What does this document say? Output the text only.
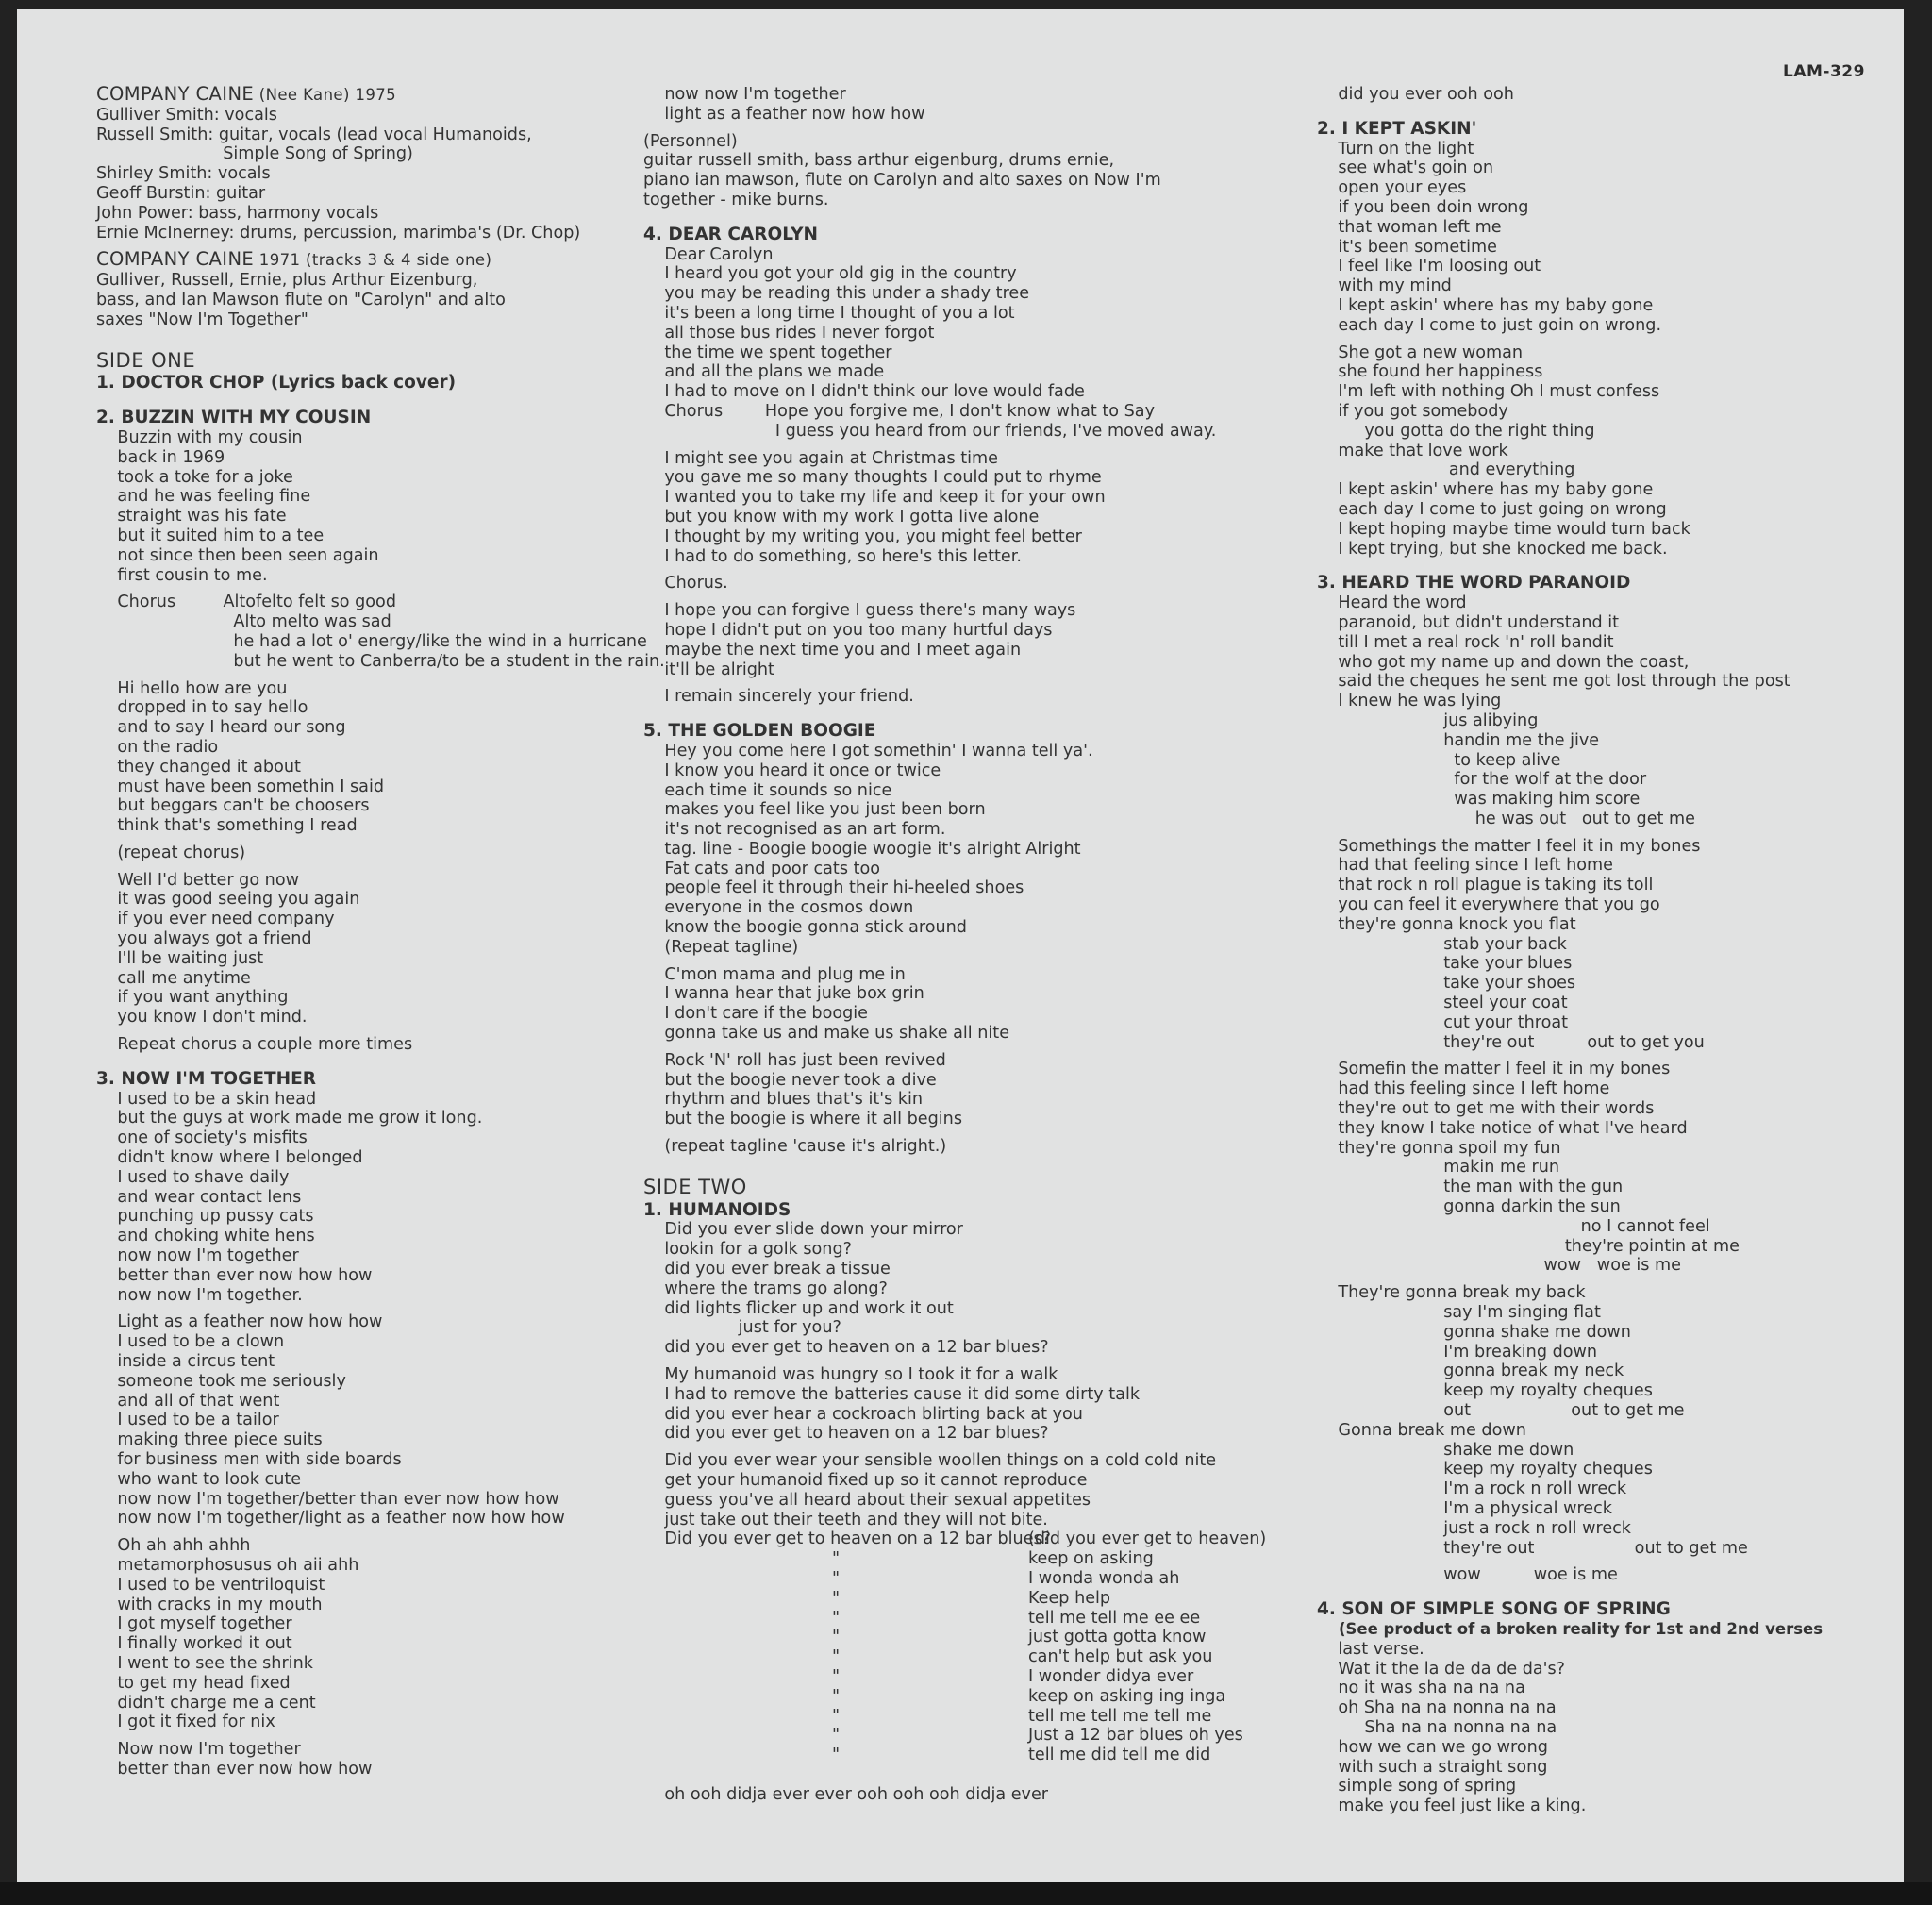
LAM-329
COMPANY CAINE (Nee Kane) 1975
Gulliver Smith: vocals
Russell Smith: guitar, vocals (lead vocal Humanoids,
Simple Song of Spring)
Shirley Smith: vocals
Geoff Burstin: guitar
John Power: bass, harmony vocals
Ernie McInerney: drums, percussion, marimba's (Dr. Chop)
COMPANY CAINE 1971 (tracks 3 & 4 side one)
Gulliver, Russell, Ernie, plus Arthur Eizenburg,
bass, and Ian Mawson flute on "Carolyn" and alto
saxes "Now I'm Together"
SIDE ONE
1. DOCTOR CHOP (Lyrics back cover)
2. BUZZIN WITH MY COUSIN
Buzzin with my cousin
back in 1969
took a toke for a joke
and he was feeling fine
straight was his fate
but it suited him to a tee
not since then been seen again
first cousin to me.
Chorus         Altofelto felt so good
Alto melto was sad
he had a lot o' energy/like the wind in a hurricane
but he went to Canberra/to be a student in the rain.
Hi hello how are you
dropped in to say hello
and to say I heard our song
on the radio
they changed it about
must have been somethin I said
but beggars can't be choosers
think that's something I read
(repeat chorus)
Well I'd better go now
it was good seeing you again
if you ever need company
you always got a friend
I'll be waiting just
call me anytime
if you want anything
you know I don't mind.
Repeat chorus a couple more times
3. NOW I'M TOGETHER
I used to be a skin head
but the guys at work made me grow it long.
one of society's misfits
didn't know where I belonged
I used to shave daily
and wear contact lens
punching up pussy cats
and choking white hens
now now I'm together
better than ever now how how
now now I'm together.
Light as a feather now how how
I used to be a clown
inside a circus tent
someone took me seriously
and all of that went
I used to be a tailor
making three piece suits
for business men with side boards
who want to look cute
now now I'm together/better than ever now how how
now now I'm together/light as a feather now how how
Oh ah ahh ahhh
metamorphosusus oh aii ahh
I used to be ventriloquist
with cracks in my mouth
I got myself together
I finally worked it out
I went to see the shrink
to get my head fixed
didn't charge me a cent
I got it fixed for nix
Now now I'm together
better than ever now how how
now now I'm together
light as a feather now how how
(Personnel)
guitar russell smith, bass arthur eigenburg, drums ernie,
piano ian mawson, flute on Carolyn and alto saxes on Now I'm
together - mike burns.
4. DEAR CAROLYN
Dear Carolyn
I heard you got your old gig in the country
you may be reading this under a shady tree
it's been a long time I thought of you a lot
all those bus rides I never forgot
the time we spent together
and all the plans we made
I had to move on I didn't think our love would fade
Chorus        Hope you forgive me, I don't know what to Say
I guess you heard from our friends, I've moved away.
I might see you again at Christmas time
you gave me so many thoughts I could put to rhyme
I wanted you to take my life and keep it for your own
but you know with my work I gotta live alone
I thought by my writing you, you might feel better
I had to do something, so here's this letter.
Chorus.
I hope you can forgive I guess there's many ways
hope I didn't put on you too many hurtful days
maybe the next time you and I meet again
it'll be alright
I remain sincerely your friend.
5. THE GOLDEN BOOGIE
Hey you come here I got somethin' I wanna tell ya'.
I know you heard it once or twice
each time it sounds so nice
makes you feel like you just been born
it's not recognised as an art form.
tag. line - Boogie boogie woogie it's alright Alright
Fat cats and poor cats too
people feel it through their hi-heeled shoes
everyone in the cosmos down
know the boogie gonna stick around
(Repeat tagline)
C'mon mama and plug me in
I wanna hear that juke box grin
I don't care if the boogie
gonna take us and make us shake all nite
Rock 'N' roll has just been revived
but the boogie never took a dive
rhythm and blues that's it's kin
but the boogie is where it all begins
(repeat tagline 'cause it's alright.)
SIDE TWO
1. HUMANOIDS
Did you ever slide down your mirror
lookin for a golk song?
did you ever break a tissue
where the trams go along?
did lights flicker up and work it out
just for you?
did you ever get to heaven on a 12 bar blues?
My humanoid was hungry so I took it for a walk
I had to remove the batteries cause it did some dirty talk
did you ever hear a cockroach blirting back at you
did you ever get to heaven on a 12 bar blues?
Did you ever wear your sensible woollen things on a cold cold nite
get your humanoid fixed up so it cannot reproduce
guess you've all heard about their sexual appetites
just take out their teeth and they will not bite.
Did you ever get to heaven on a 12 bar blues?
"
"
"
"
"
"
"
"
"
"
"
oh ooh didja ever ever ooh ooh ooh didja ever
(did you ever get to heaven)
keep on asking
I wonda wonda ah
Keep help
tell me tell me ee ee
just gotta gotta know
can't help but ask you
I wonder didya ever
keep on asking ing inga
tell me tell me tell me
Just a 12 bar blues oh yes
tell me did tell me did
did you ever ooh ooh
2. I KEPT ASKIN'
Turn on the light
see what's goin on
open your eyes
if you been doin wrong
that woman left me
it's been sometime
I feel like I'm loosing out
with my mind
I kept askin' where has my baby gone
each day I come to just goin on wrong.
She got a new woman
she found her happiness
I'm left with nothing Oh I must confess
if you got somebody
you gotta do the right thing
make that love work
and everything
I kept askin' where has my baby gone
each day I come to just going on wrong
I kept hoping maybe time would turn back
I kept trying, but she knocked me back.
3. HEARD THE WORD PARANOID
Heard the word
paranoid, but didn't understand it
till I met a real rock 'n' roll bandit
who got my name up and down the coast,
said the cheques he sent me got lost through the post
I knew he was lying
jus alibying
handin me the jive
to keep alive
for the wolf at the door
was making him score
he was out   out to get me
Somethings the matter I feel it in my bones
had that feeling since I left home
that rock n roll plague is taking its toll
you can feel it everywhere that you go
they're gonna knock you flat
stab your back
take your blues
take your shoes
steel your coat
cut your throat
they're out          out to get you
Somefin the matter I feel it in my bones
had this feeling since I left home
they're out to get me with their words
they know I take notice of what I've heard
they're gonna spoil my fun
makin me run
the man with the gun
gonna darkin the sun
no I cannot feel
they're pointin at me
wow   woe is me
They're gonna break my back
say I'm singing flat
gonna shake me down
I'm breaking down
gonna break my neck
keep my royalty cheques
out                   out to get me
Gonna break me down
shake me down
keep my royalty cheques
I'm a rock n roll wreck
I'm a physical wreck
just a rock n roll wreck
they're out                   out to get me
wow          woe is me
4. SON OF SIMPLE SONG OF SPRING
(See product of a broken reality for 1st and 2nd verses
last verse.
Wat it the la de da de da's?
no it was sha na na na
oh Sha na na nonna na na
Sha na na nonna na na
how we can we go wrong
with such a straight song
simple song of spring
make you feel just like a king.
